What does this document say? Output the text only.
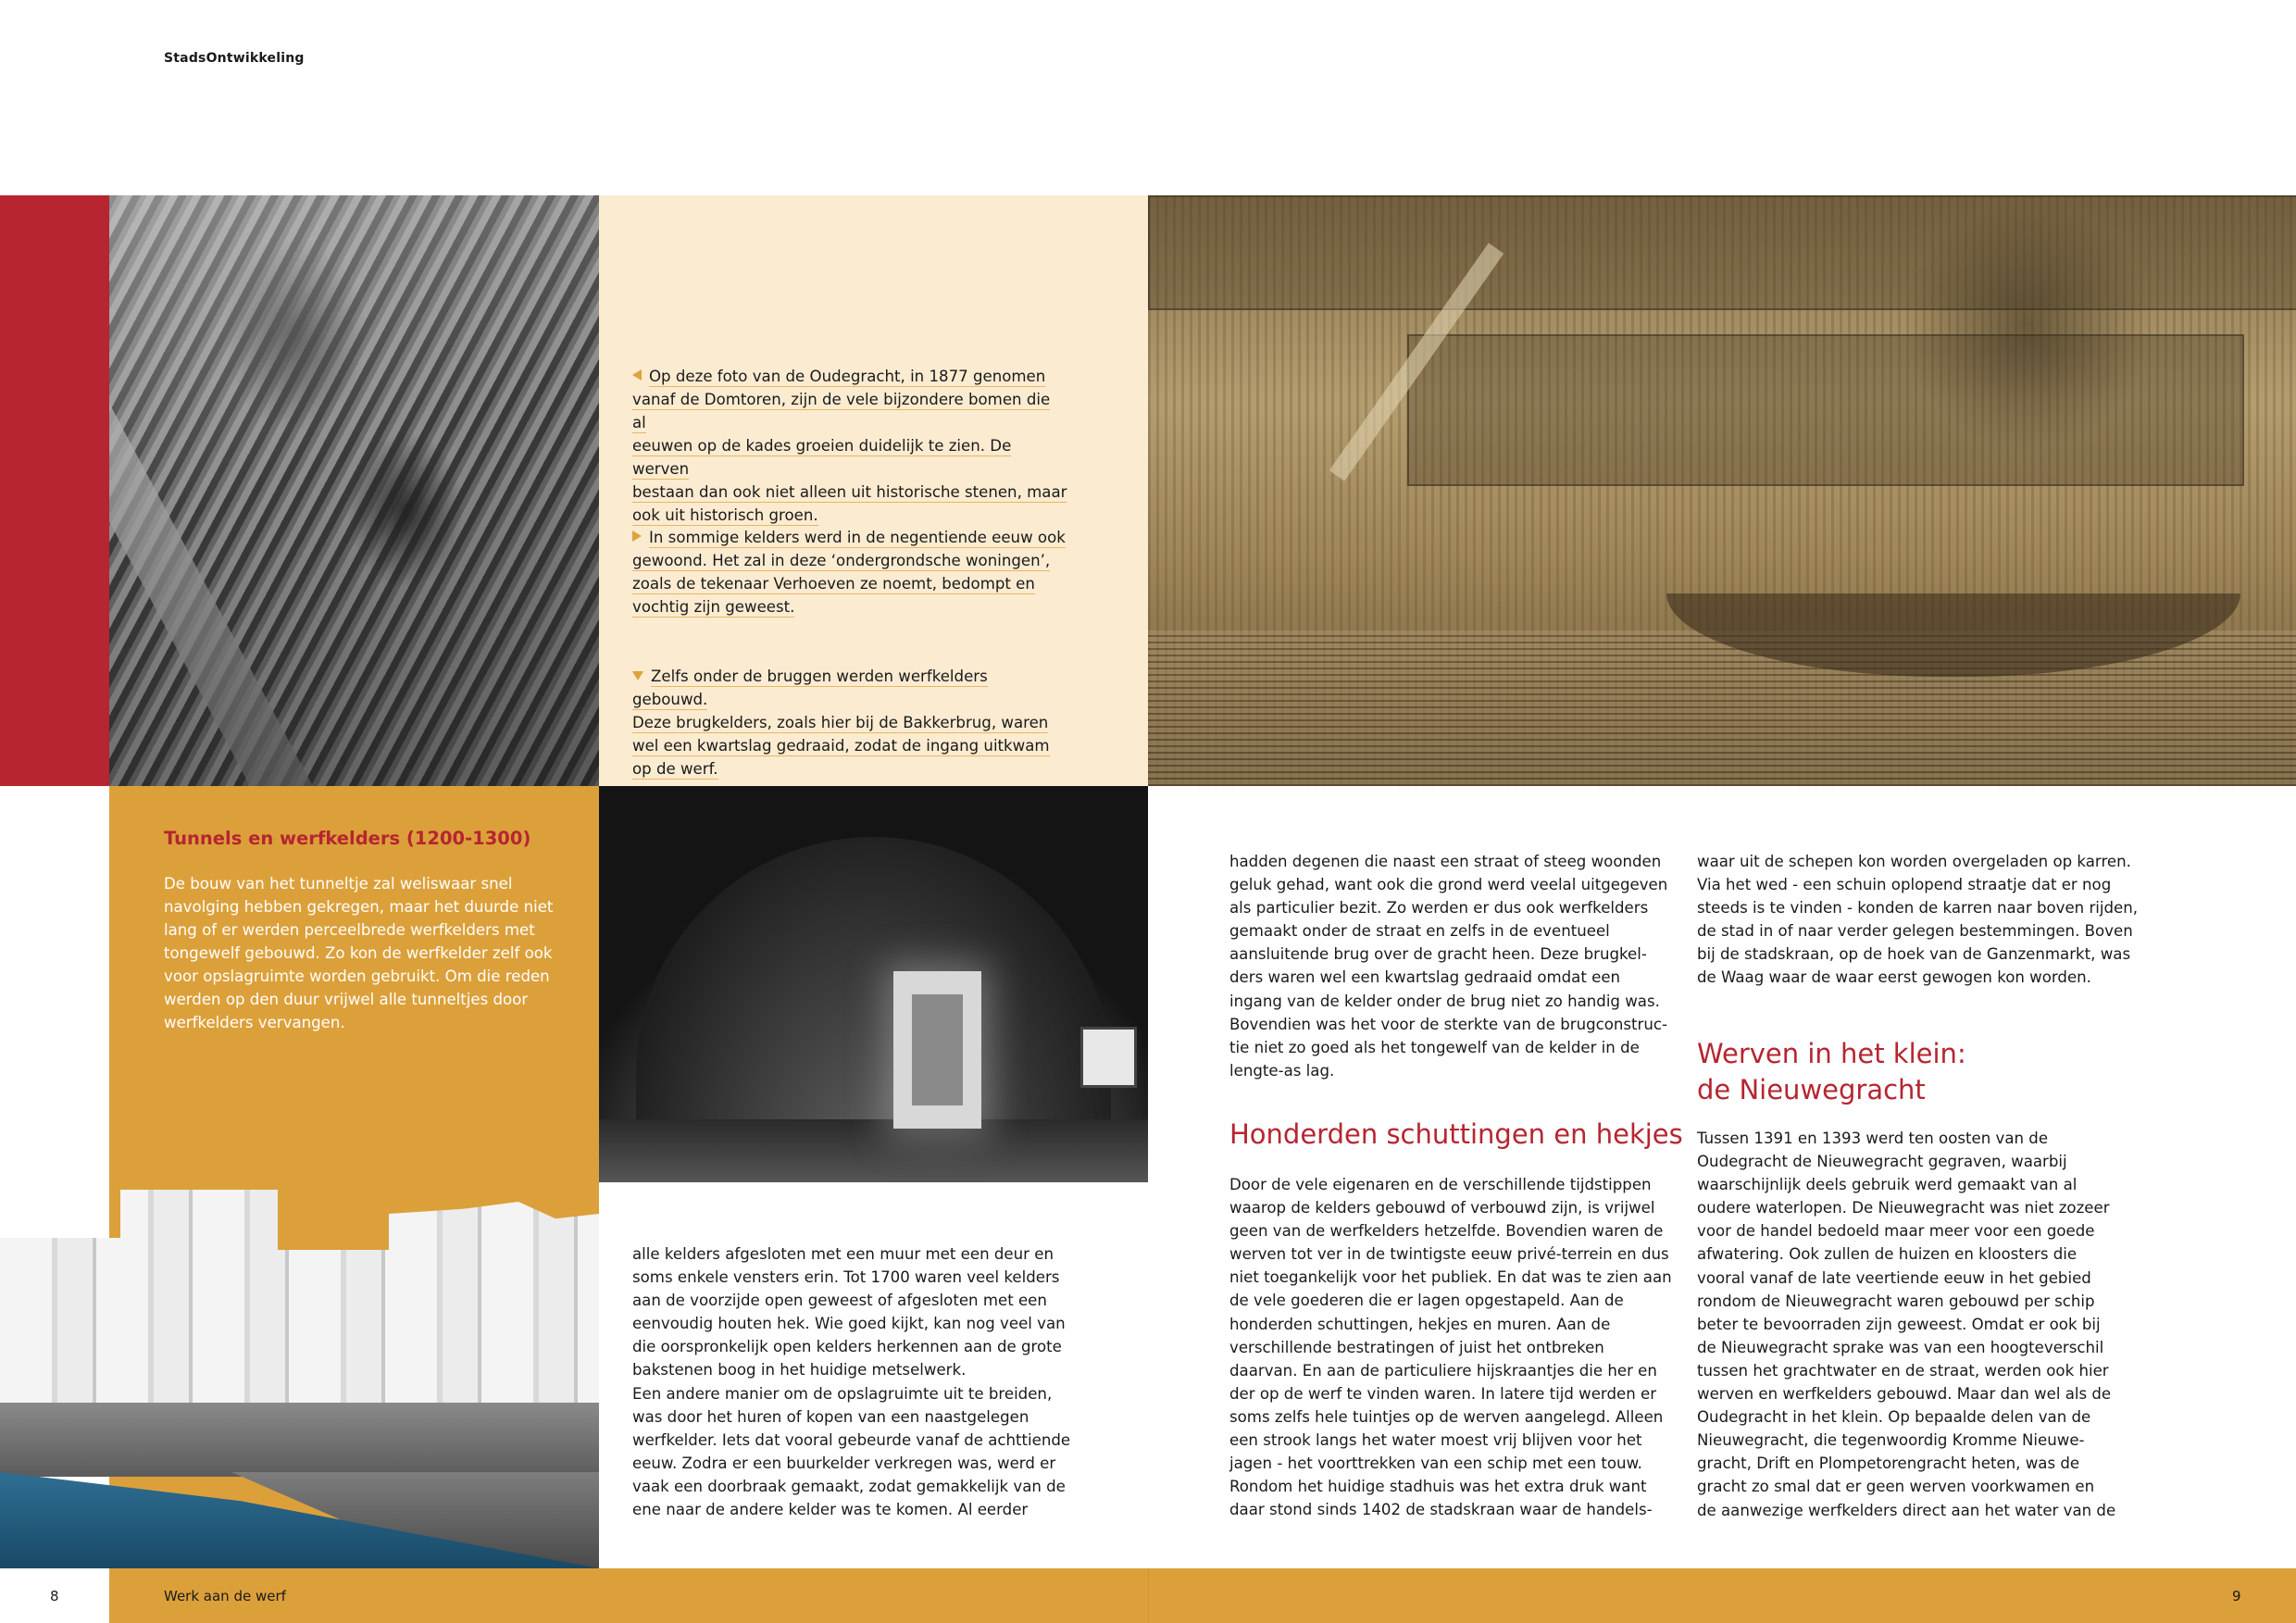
StadsOntwikkeling
Op deze foto van de Oudegracht, in 1877 genomen
vanaf de Domtoren, zijn de vele bijzondere bomen die al
eeuwen op de kades groeien duidelijk te zien. De werven
bestaan dan ook niet alleen uit historische stenen, maar
ook uit historisch groen.
In sommige kelders werd in de negentiende eeuw ook
gewoond. Het zal in deze ‘ondergrondsche woningen’,
zoals de tekenaar Verhoeven ze noemt, bedompt en
vochtig zijn geweest.
Zelfs onder de bruggen werden werfkelders gebouwd.
Deze brugkelders, zoals hier bij de Bakkerbrug, waren
wel een kwartslag gedraaid, zodat de ingang uitkwam
op de werf.
Tunnels en werfkelders (1200-1300)

De bouw van het tunneltje zal weliswaar snel
navolging hebben gekregen, maar het duurde niet
lang of er werden perceelbrede werfkelders met
tongewelf gebouwd. Zo kon de werfkelder zelf ook
voor opslagruimte worden gebruikt. Om die reden
werden op den duur vrijwel alle tunneltjes door
werfkelders vervangen.

alle kelders afgesloten met een muur met een deur en
soms enkele vensters erin. Tot 1700 waren veel kelders
aan de voorzijde open geweest of afgesloten met een
eenvoudig houten hek. Wie goed kijkt, kan nog veel van
die oorspronkelijk open kelders herkennen aan de grote
bakstenen boog in het huidige metselwerk.
Een andere manier om de opslagruimte uit te breiden,
was door het huren of kopen van een naastgelegen
werfkelder. Iets dat vooral gebeurde vanaf de achttiende
eeuw. Zodra er een buurkelder verkregen was, werd er
vaak een doorbraak gemaakt, zodat gemakkelijk van de
ene naar de andere kelder was te komen. Al eerder

hadden degenen die naast een straat of steeg woonden
geluk gehad, want ook die grond werd veelal uitgegeven
als particulier bezit. Zo werden er dus ook werfkelders
gemaakt onder de straat en zelfs in de eventueel
aansluitende brug over de gracht heen. Deze brugkel-
ders waren wel een kwartslag gedraaid omdat een
ingang van de kelder onder de brug niet zo handig was.
Bovendien was het voor de sterkte van de brugconstruc-
tie niet zo goed als het tongewelf van de kelder in de
lengte-as lag.

Honderden schuttingen en hekjes

Door de vele eigenaren en de verschillende tijdstippen
waarop de kelders gebouwd of verbouwd zijn, is vrijwel
geen van de werfkelders hetzelfde. Bovendien waren de
werven tot ver in de twintigste eeuw privé-terrein en dus
niet toegankelijk voor het publiek. En dat was te zien aan
de vele goederen die er lagen opgestapeld. Aan de
honderden schuttingen, hekjes en muren. Aan de
verschillende bestratingen of juist het ontbreken
daarvan. En aan de particuliere hijskraantjes die her en
der op de werf te vinden waren. In latere tijd werden er
soms zelfs hele tuintjes op de werven aangelegd. Alleen
een strook langs het water moest vrij blijven voor het
jagen - het voorttrekken van een schip met een touw.
Rondom het huidige stadhuis was het extra druk want
daar stond sinds 1402 de stadskraan waar de handels-

waar uit de schepen kon worden overgeladen op karren.
Via het wed - een schuin oplopend straatje dat er nog
steeds is te vinden - konden de karren naar boven rijden,
de stad in of naar verder gelegen bestemmingen. Boven
bij de stadskraan, op de hoek van de Ganzenmarkt, was
de Waag waar de waar eerst gewogen kon worden.

Werven in het klein:
de Nieuwegracht

Tussen 1391 en 1393 werd ten oosten van de
Oudegracht de Nieuwegracht gegraven, waarbij
waarschijnlijk deels gebruik werd gemaakt van al
oudere waterlopen. De Nieuwegracht was niet zozeer
voor de handel bedoeld maar meer voor een goede
afwatering. Ook zullen de huizen en kloosters die
vooral vanaf de late veertiende eeuw in het gebied
rondom de Nieuwegracht waren gebouwd per schip
beter te bevoorraden zijn geweest. Omdat er ook bij
de Nieuwegracht sprake was van een hoogteverschil
tussen het grachtwater en de straat, werden ook hier
werven en werfkelders gebouwd. Maar dan wel als de
Oudegracht in het klein. Op bepaalde delen van de
Nieuwegracht, die tegenwoordig Kromme Nieuwe-
gracht, Drift en Plompetorengracht heten, was de
gracht zo smal dat er geen werven voorkwamen en
de aanwezige werfkelders direct aan het water van de

8	Werk aan de werf	9
